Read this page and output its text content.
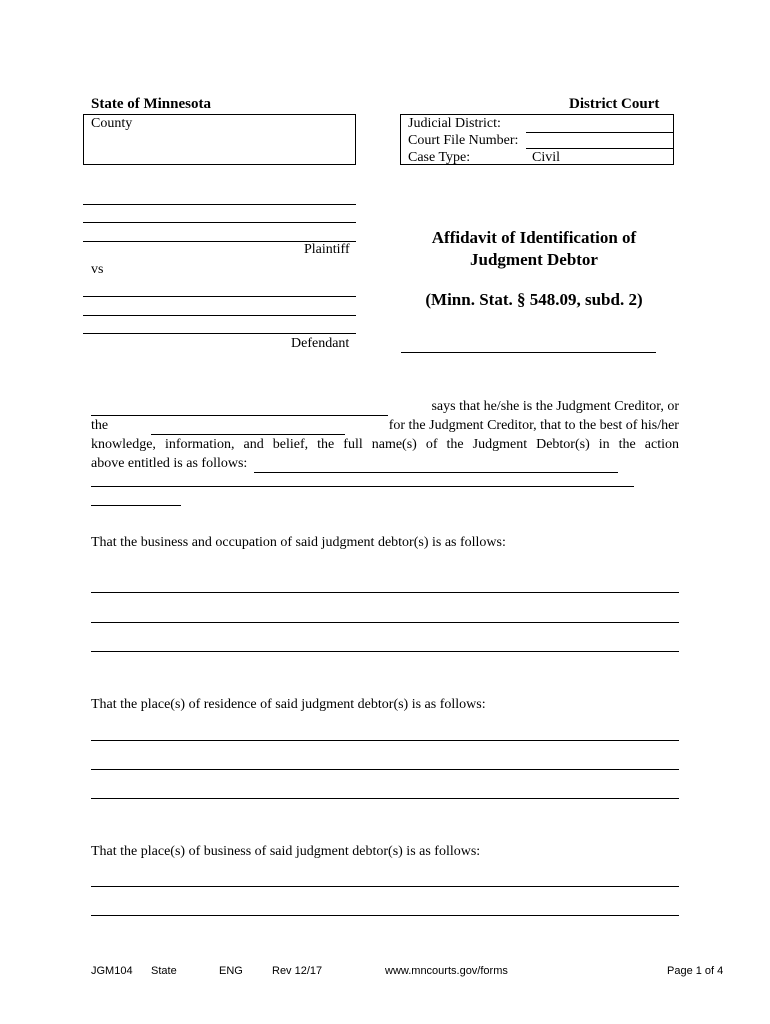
State of Minnesota	District Court
County	Judicial District:
Court File Number:
Case Type:	Civil
Plaintiff
vs
Defendant
Affidavit of Identification of
Judgment Debtor
(Minn. Stat. § 548.09, subd. 2)
says that he/she is the Judgment Creditor, or
the	for the Judgment Creditor, that to the best of his/her
knowledge, information, and belief, the full name(s) of the Judgment Debtor(s) in the action
above entitled is as follows:
That the business and occupation of said judgment debtor(s) is as follows:
That the place(s) of residence of said judgment debtor(s) is as follows:
That the place(s) of business of said judgment debtor(s) is as follows:
JGM104 State	ENG	Rev 12/17	www.mncourts.gov/forms	Page 1 of 4
